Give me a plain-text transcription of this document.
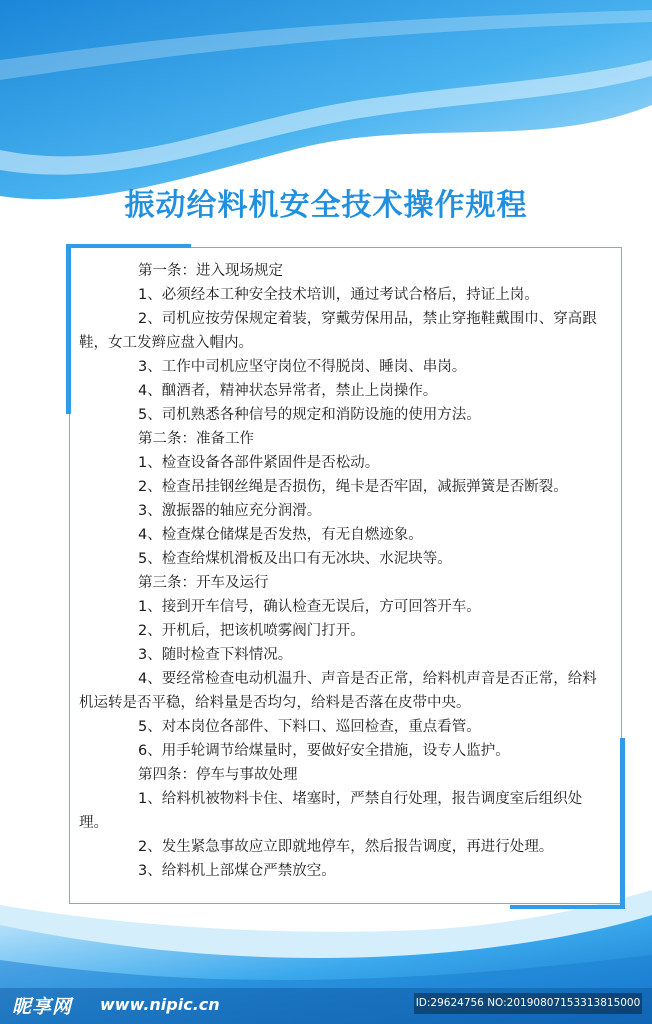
振动给料机安全技术操作规程

第一条：进入现场规定

1、必须经本工种安全技术培训，通过考试合格后，持证上岗。

2、司机应按劳保规定着装，穿戴劳保用品，禁止穿拖鞋戴围巾、穿高跟鞋，女工发辫应盘入帽内。

3、工作中司机应坚守岗位不得脱岗、睡岗、串岗。

4、酗酒者，精神状态异常者，禁止上岗操作。

5、司机熟悉各种信号的规定和消防设施的使用方法。

第二条：准备工作

1、检查设备各部件紧固件是否松动。

2、检查吊挂钢丝绳是否损伤，绳卡是否牢固，减振弹簧是否断裂。

3、激振器的轴应充分润滑。

4、检查煤仓储煤是否发热，有无自燃迹象。

5、检查给煤机滑板及出口有无冰块、水泥块等。

第三条：开车及运行

1、接到开车信号，确认检查无误后，方可回答开车。

2、开机后，把该机喷雾阀门打开。

3、随时检查下料情况。

4、要经常检查电动机温升、声音是否正常，给料机声音是否正常，给料机运转是否平稳，给料量是否均匀，给料是否落在皮带中央。

5、对本岗位各部件、下料口、巡回检查，重点看管。

6、用手轮调节给煤量时，要做好安全措施，设专人监护。

第四条：停车与事故处理

1、给料机被物料卡住、堵塞时，严禁自行处理，报告调度室后组织处理。

2、发生紧急事故应立即就地停车，然后报告调度，再进行处理。

3、给料机上部煤仓严禁放空。

昵享网 www.nipic.cn	ID:29624756 NO:20190807153313815000
